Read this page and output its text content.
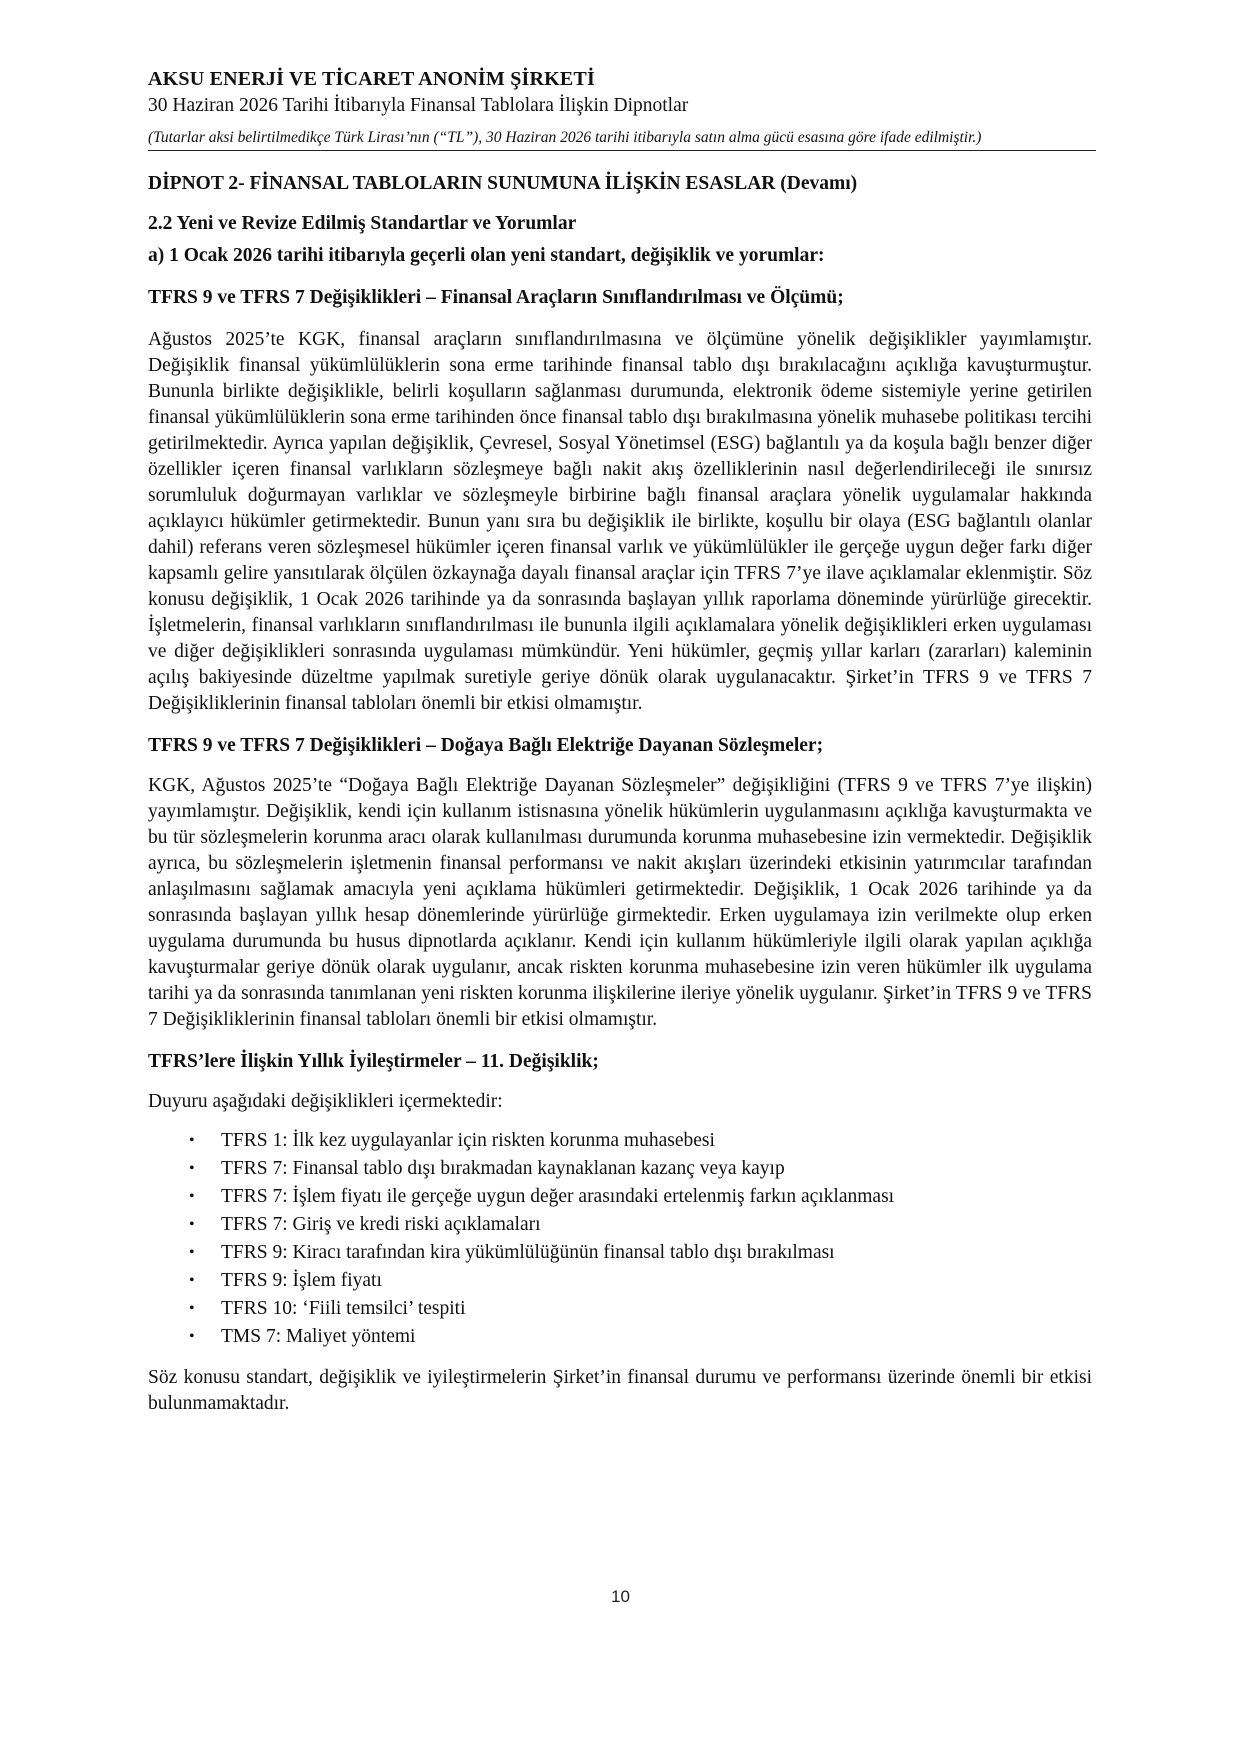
AKSU ENERJİ VE TİCARET ANONİM ŞİRKETİ

30 Haziran 2026 Tarihi İtibarıyla Finansal Tablolara İlişkin Dipnotlar

(Tutarlar aksi belirtilmedikçe Türk Lirası’nın (“TL”), 30 Haziran 2026 tarihi itibarıyla satın alma gücü esasına göre ifade edilmiştir.)

DİPNOT 2- FİNANSAL TABLOLARIN SUNUMUNA İLİŞKİN ESASLAR (Devamı)

2.2 Yeni ve Revize Edilmiş Standartlar ve Yorumlar

a) 1 Ocak 2026 tarihi itibarıyla geçerli olan yeni standart, değişiklik ve yorumlar:

TFRS 9 ve TFRS 7 Değişiklikleri – Finansal Araçların Sınıflandırılması ve Ölçümü;

Ağustos 2025’te KGK, finansal araçların sınıflandırılmasına ve ölçümüne yönelik değişiklikler yayımlamıştır. Değişiklik finansal yükümlülüklerin sona erme tarihinde finansal tablo dışı bırakılacağını açıklığa kavuşturmuştur. Bununla birlikte değişiklikle, belirli koşulların sağlanması durumunda, elektronik ödeme sistemiyle yerine getirilen finansal yükümlülüklerin sona erme tarihinden önce finansal tablo dışı bırakılmasına yönelik muhasebe politikası tercihi getirilmektedir. Ayrıca yapılan değişiklik, Çevresel, Sosyal Yönetimsel (ESG) bağlantılı ya da koşula bağlı benzer diğer özellikler içeren finansal varlıkların sözleşmeye bağlı nakit akış özelliklerinin nasıl değerlendirileceği ile sınırsız sorumluluk doğurmayan varlıklar ve sözleşmeyle birbirine bağlı finansal araçlara yönelik uygulamalar hakkında açıklayıcı hükümler getirmektedir. Bunun yanı sıra bu değişiklik ile birlikte, koşullu bir olaya (ESG bağlantılı olanlar dahil) referans veren sözleşmesel hükümler içeren finansal varlık ve yükümlülükler ile gerçeğe uygun değer farkı diğer kapsamlı gelire yansıtılarak ölçülen özkaynağa dayalı finansal araçlar için TFRS 7’ye ilave açıklamalar eklenmiştir. Söz konusu değişiklik, 1 Ocak 2026 tarihinde ya da sonrasında başlayan yıllık raporlama döneminde yürürlüğe girecektir. İşletmelerin, finansal varlıkların sınıflandırılması ile bununla ilgili açıklamalara yönelik değişiklikleri erken uygulaması ve diğer değişiklikleri sonrasında uygulaması mümkündür. Yeni hükümler, geçmiş yıllar karları (zararları) kaleminin açılış bakiyesinde düzeltme yapılmak suretiyle geriye dönük olarak uygulanacaktır. Şirket’in TFRS 9 ve TFRS 7 Değişikliklerinin finansal tabloları önemli bir etkisi olmamıştır.

TFRS 9 ve TFRS 7 Değişiklikleri – Doğaya Bağlı Elektriğe Dayanan Sözleşmeler;

KGK, Ağustos 2025’te “Doğaya Bağlı Elektriğe Dayanan Sözleşmeler” değişikliğini (TFRS 9 ve TFRS 7’ye ilişkin) yayımlamıştır. Değişiklik, kendi için kullanım istisnasına yönelik hükümlerin uygulanmasını açıklığa kavuşturmakta ve bu tür sözleşmelerin korunma aracı olarak kullanılması durumunda korunma muhasebesine izin vermektedir. Değişiklik ayrıca, bu sözleşmelerin işletmenin finansal performansı ve nakit akışları üzerindeki etkisinin yatırımcılar tarafından anlaşılmasını sağlamak amacıyla yeni açıklama hükümleri getirmektedir. Değişiklik, 1 Ocak 2026 tarihinde ya da sonrasında başlayan yıllık hesap dönemlerinde yürürlüğe girmektedir. Erken uygulamaya izin verilmekte olup erken uygulama durumunda bu husus dipnotlarda açıklanır. Kendi için kullanım hükümleriyle ilgili olarak yapılan açıklığa kavuşturmalar geriye dönük olarak uygulanır, ancak riskten korunma muhasebesine izin veren hükümler ilk uygulama tarihi ya da sonrasında tanımlanan yeni riskten korunma ilişkilerine ileriye yönelik uygulanır. Şirket’in TFRS 9 ve TFRS 7 Değişikliklerinin finansal tabloları önemli bir etkisi olmamıştır.

TFRS’lere İlişkin Yıllık İyileştirmeler – 11. Değişiklik;

Duyuru aşağıdaki değişiklikleri içermektedir:

• TFRS 1: İlk kez uygulayanlar için riskten korunma muhasebesi
• TFRS 7: Finansal tablo dışı bırakmadan kaynaklanan kazanç veya kayıp
• TFRS 7: İşlem fiyatı ile gerçeğe uygun değer arasındaki ertelenmiş farkın açıklanması
• TFRS 7: Giriş ve kredi riski açıklamaları
• TFRS 9: Kiracı tarafından kira yükümlülüğünün finansal tablo dışı bırakılması
• TFRS 9: İşlem fiyatı
• TFRS 10: ‘Fiili temsilci’ tespiti
• TMS 7: Maliyet yöntemi

Söz konusu standart, değişiklik ve iyileştirmelerin Şirket’in finansal durumu ve performansı üzerinde önemli bir etkisi bulunmamaktadır.

10
